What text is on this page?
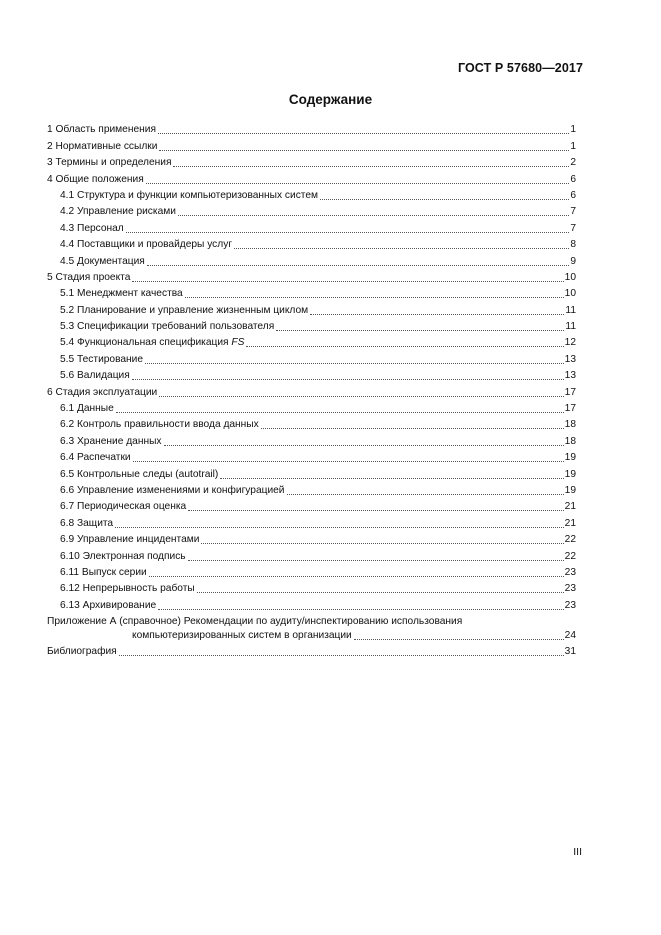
ГОСТ Р 57680—2017
Содержание
1 Область применения	1
2 Нормативные ссылки	1
3 Термины и определения	2
4 Общие положения	6
4.1 Структура и функции компьютеризованных систем	6
4.2 Управление рисками	7
4.3 Персонал	7
4.4 Поставщики и провайдеры услуг	8
4.5 Документация	9
5 Стадия проекта	10
5.1 Менеджмент качества	10
5.2 Планирование и управление жизненным циклом	11
5.3 Спецификации требований пользователя	11
5.4 Функциональная спецификация FS	12
5.5 Тестирование	13
5.6 Валидация	13
6 Стадия эксплуатации	17
6.1 Данные	17
6.2 Контроль правильности ввода данных	18
6.3 Хранение данных	18
6.4 Распечатки	19
6.5 Контрольные следы (autotrail)	19
6.6 Управление изменениями и конфигурацией	19
6.7 Периодическая оценка	21
6.8 Защита	21
6.9 Управление инцидентами	22
6.10 Электронная подпись	22
6.11 Выпуск серии	23
6.12 Непрерывность работы	23
6.13 Архивирование	23
Приложение А (справочное) Рекомендации по аудиту/инспектированию использования
компьютеризированных систем в организации	24
Библиография	31
III
